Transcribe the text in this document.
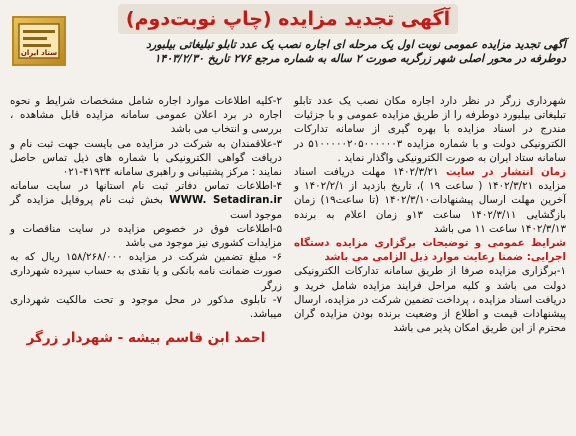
آگهی تجدید مزایده (چاپ نوبت‌دوم)
ستاد ایران

آگهی تجدید مزایده عمومی نوبت اول یک مرحله ای اجاره نصب یک عدد تابلو تبلیغاتی بیلبورد

دوطرفه در محور اصلی شهر زرگربه صورت ۲ ساله به شماره مرجع ۲۷۶ تاریخ ۱۴۰۳/۲/۳۰

شهرداری زرگر در نظر دارد اجاره مکان نصب یک عدد تابلو تبلیغاتی بیلبورد دوطرفه را از طریق مزایده عمومی و با جزئیات مندرج در اسناد مزایده با بهره گیری از سامانه تدارکات الکترونیکی دولت و با شماره مزایده ۵۱۰۰۰۰۰۲۰۵۰۰۰۰۰۰۳ در سامانه ستاد ایران به صورت الکترونیکی واگذار نماید .

زمان انتشار در سایت ۱۴۰۲/۳/۲۱ مهلت دریافت اسناد مزایده ۱۴۰۲/۳/۲۱ ( ساعت ۱۹ )، تاریخ بازدید از ۱۴۰۲/۲/۱ و آخرین مهلت ارسال پیشنهادات۱۴۰۲/۳/۱۰ (تا ساعت۱۹) زمان بازگشایی ۱۴۰۲/۳/۱۱ ساعت ۱۳و زمان اعلام به برنده ۱۴۰۲/۳/۱۳ ساعت ۱۱ می باشد

شرایط عمومی و توضیحات برگزاری مزایده دستگاه اجرایی: ضمنا رعایت موارد ذیل الزامی می باشد

۱-برگزاری مزایده صرفا از طریق سامانه تدارکات الکترونیکی دولت می باشد و کلیه مراحل فرایند مزایده شامل خرید و دریافت اسناد مزایده ، پرداخت تضمین شرکت در مزایده، ارسال پیشنهادات قیمت و اطلاع از وضعیت برنده بودن مزایده گران محترم از این طریق امکان پذیر می باشد

۲-کلیه اطلاعات موارد اجاره شامل مشخصات شرایط و نحوه اجاره در برد اعلان عمومی سامانه مزایده قابل مشاهده ، بررسی و انتخاب می باشد

۳-علاقمندان به شرکت در مزایده می بایست جهت ثبت نام و دریافت گواهی الکترونیکی با شماره های ذیل تماس حاصل نمایند : مرکز پشتیبانی و راهبری سامانه ۴۱۹۳۴-۰۲۱

۴-اطلاعات تماس دفاتر ثبت نام استانها در سایت سامانه WWW. Setadiran.ir بخش ثبت نام پروفایل مزایده گر موجود است

۵-اطلاعات فوق در خصوص مزایده در سایت مناقصات و مزایدات کشوری نیز موجود می باشد

۶- مبلغ تضمین شرکت در مزایده ۱۵۸/۲۶۸/۰۰۰ ریال که به صورت ضمانت نامه بانکی و یا نقدی به حساب سپرده شهرداری زرگر

۷- تابلوی مذکور در محل موجود و تحت مالکیت شهرداری میباشد.

احمد ابن قاسم بیشه - شهردار زرگر
